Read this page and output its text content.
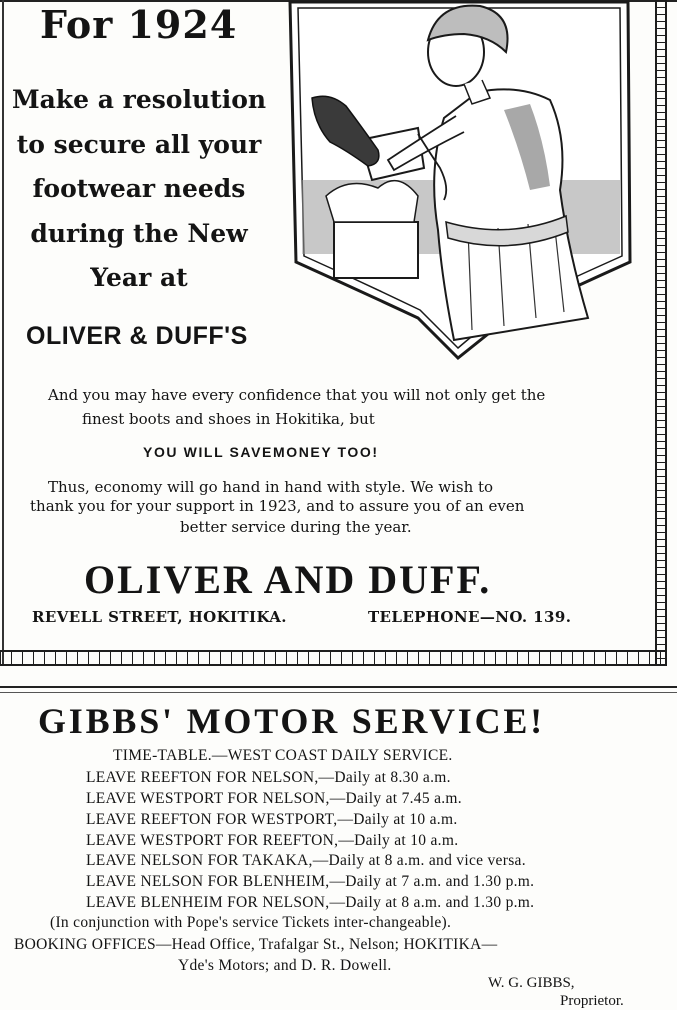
For 1924

Make a resolution
to secure all your
footwear needs
during the New
Year at

OLIVER & DUFF'S

And you may have every confidence that you will not only get the

finest boots and shoes in Hokitika, but

YOU WILL SAVEMONEY TOO!

Thus, economy will go hand in hand with style. We wish to

thank you for your support in 1923, and to assure you of an even

better service during the year.

OLIVER AND DUFF.
REVELL STREET, HOKITIKA.	TELEPHONE—NO. 139.
GIBBS' MOTOR SERVICE!

TIME-TABLE.—WEST COAST DAILY SERVICE.

LEAVE REEFTON FOR NELSON,—Daily at 8.30 a.m.

LEAVE WESTPORT FOR NELSON,—Daily at 7.45 a.m.

LEAVE REEFTON FOR WESTPORT,—Daily at 10 a.m.

LEAVE WESTPORT FOR REEFTON,—Daily at 10 a.m.

LEAVE NELSON FOR TAKAKA,—Daily at 8 a.m. and vice versa.

LEAVE NELSON FOR BLENHEIM,—Daily at 7 a.m. and 1.30 p.m.

LEAVE BLENHEIM FOR NELSON,—Daily at 8 a.m. and 1.30 p.m.

(In conjunction with Pope's service Tickets inter-changeable).

BOOKING OFFICES—Head Office, Trafalgar St., Nelson; HOKITIKA—

Yde's Motors; and D. R. Dowell.

W. G. GIBBS,

Proprietor.
